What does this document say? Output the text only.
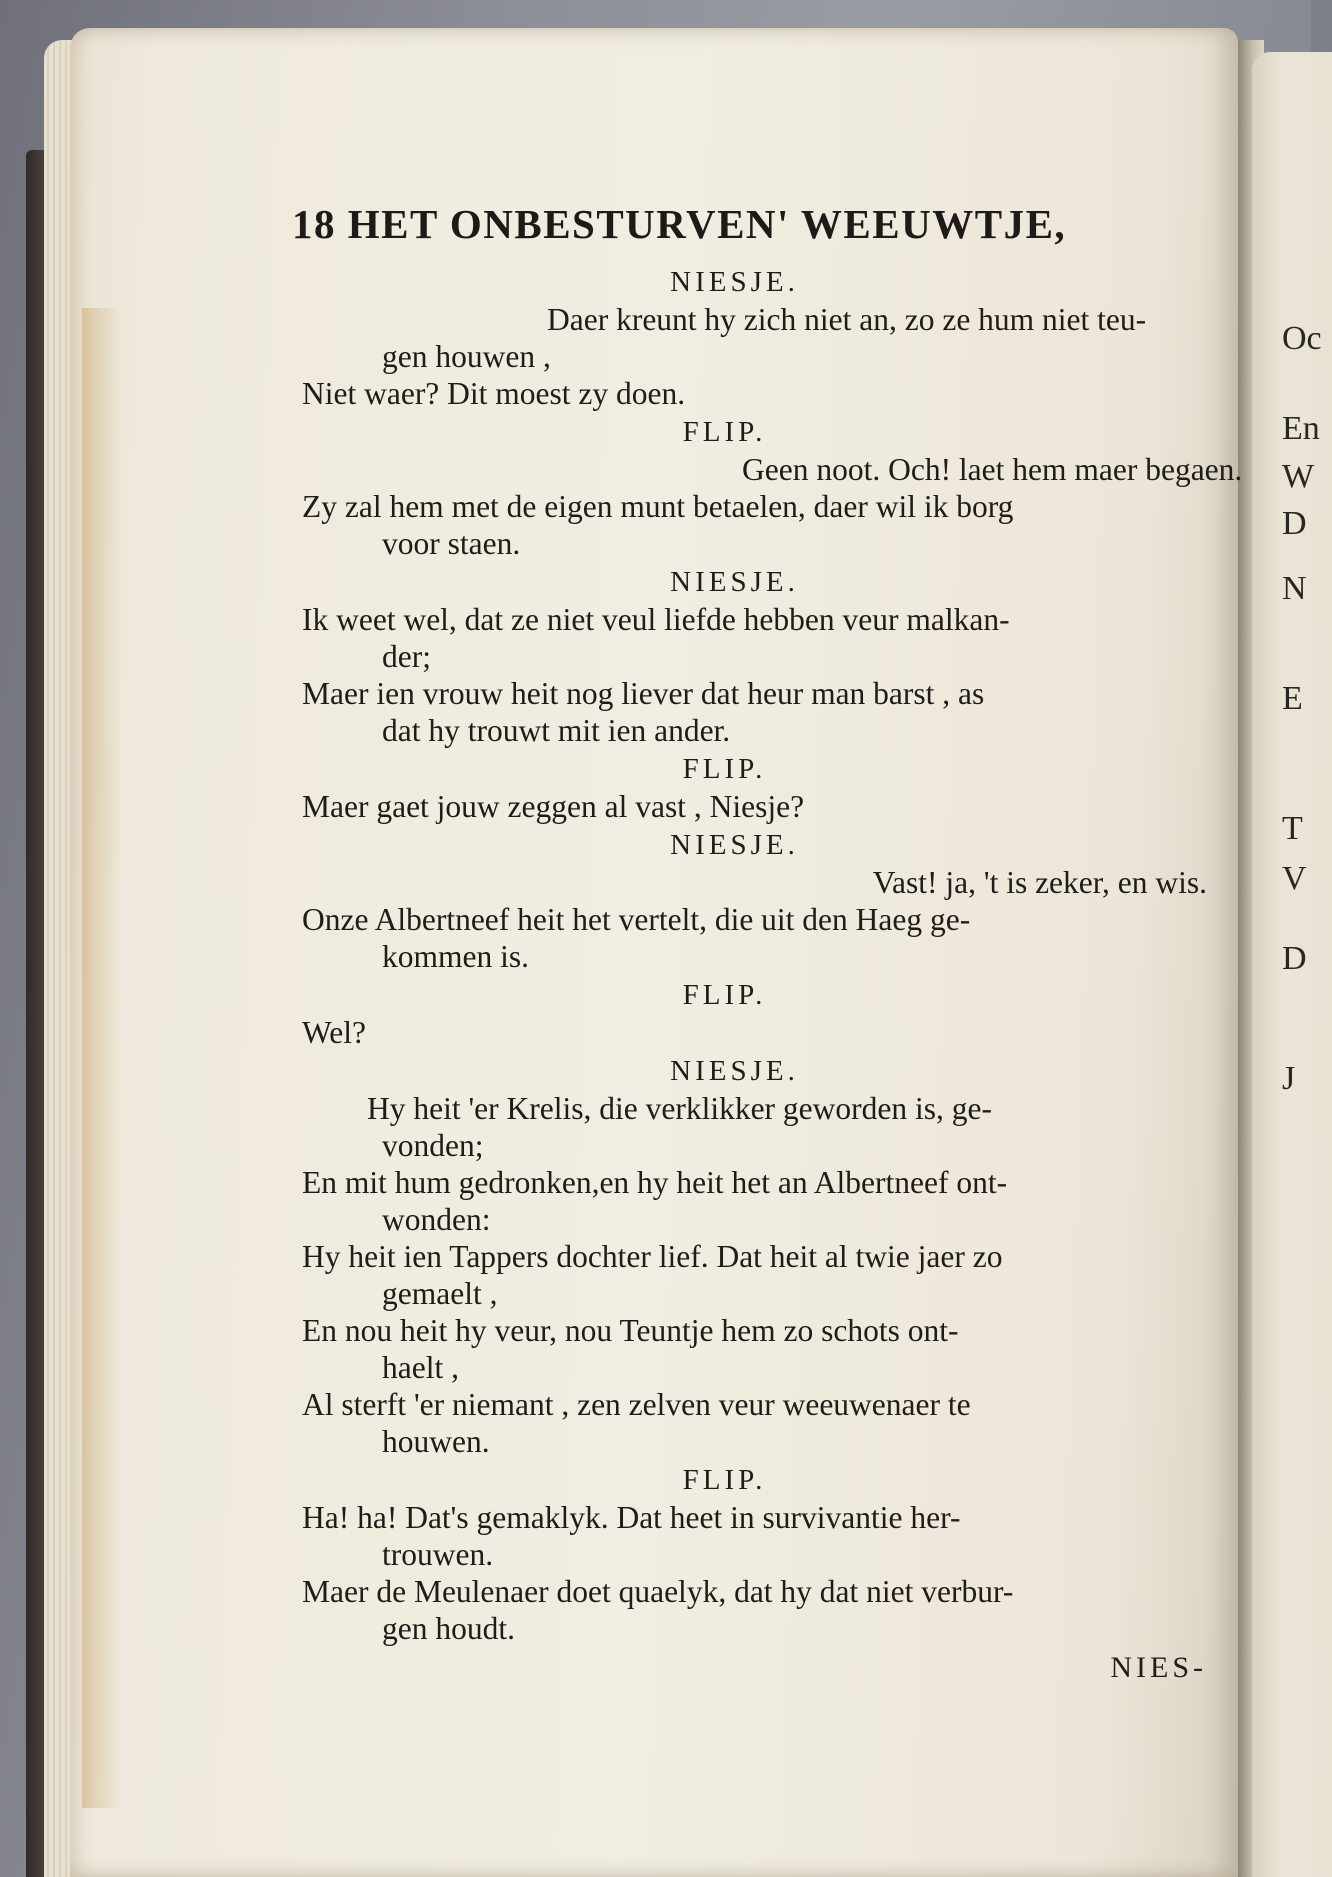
Oc

En

W

D

N

E

T

V

D

J

18 HET ONBESTURVEN' WEEUWTJE,

NIESJE.

Daer kreunt hy zich niet an, zo ze hum niet teu-

gen houwen ,

Niet waer? Dit moest zy doen.

FLIP.

Geen noot. Och! laet hem maer begaen.

Zy zal hem met de eigen munt betaelen, daer wil ik borg

voor staen.

NIESJE.

Ik weet wel, dat ze niet veul liefde hebben veur malkan-

der;

Maer ien vrouw heit nog liever dat heur man barst , as

dat hy trouwt mit ien ander.

FLIP.

Maer gaet jouw zeggen al vast , Niesje?

NIESJE.

Vast! ja, 't is zeker, en wis.

Onze Albertneef heit het vertelt, die uit den Haeg ge-

kommen is.

FLIP.

Wel?

NIESJE.

Hy heit 'er Krelis, die verklikker geworden is, ge-

vonden;

En mit hum gedronken,en hy heit het an Albertneef ont-

wonden:

Hy heit ien Tappers dochter lief. Dat heit al twie jaer zo

gemaelt ,

En nou heit hy veur, nou Teuntje hem zo schots ont-

haelt ,

Al sterft 'er niemant , zen zelven veur weeuwenaer te

houwen.

FLIP.

Ha! ha! Dat's gemaklyk. Dat heet in survivantie her-

trouwen.

Maer de Meulenaer doet quaelyk, dat hy dat niet verbur-

gen houdt.

NIES-
